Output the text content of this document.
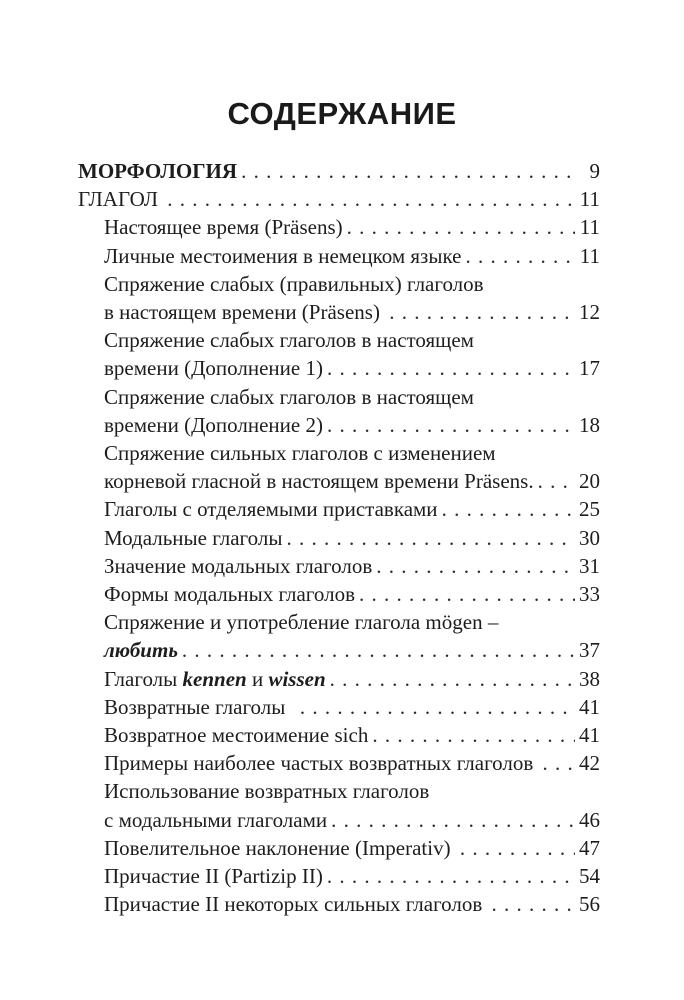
СОДЕРЖАНИЕ
МОРФОЛОГИЯ . . .	9
ГЛАГОЛ . . .	11
Настоящее время (Präsens) . . .	11
Личные местоимения в немецком языке . . .	11
Спряжение слабых (правильных) глаголов
в настоящем времени (Präsens) . . .	12
Спряжение слабых глаголов в настоящем
времени (Дополнение 1) . . .	17
Спряжение слабых глаголов в настоящем
времени (Дополнение 2) . . .	18
Спряжение сильных глаголов с изменением
корневой гласной в настоящем времени Präsens. . . . 20
Глаголы с отделяемыми приставками . . .	25
Модальные глаголы . . .	30
Значение модальных глаголов . . .	31
Формы модальных глаголов . . .	33
Спряжение и употребление глагола mögen –
любить . . .	37
Глаголы kennen и wissen . . .	38
Возвратные глаголы . . .	41
Возвратное местоимение sich . . .	41
Примеры наиболее частых возвратных глаголов . . . 42
Использование возвратных глаголов
с модальными глаголами . . .	46
Повелительное наклонение (Imperativ) . . .	47
Причастие II (Partizip II) . . .	54
Причастие II некоторых сильных глаголов . . .	56
